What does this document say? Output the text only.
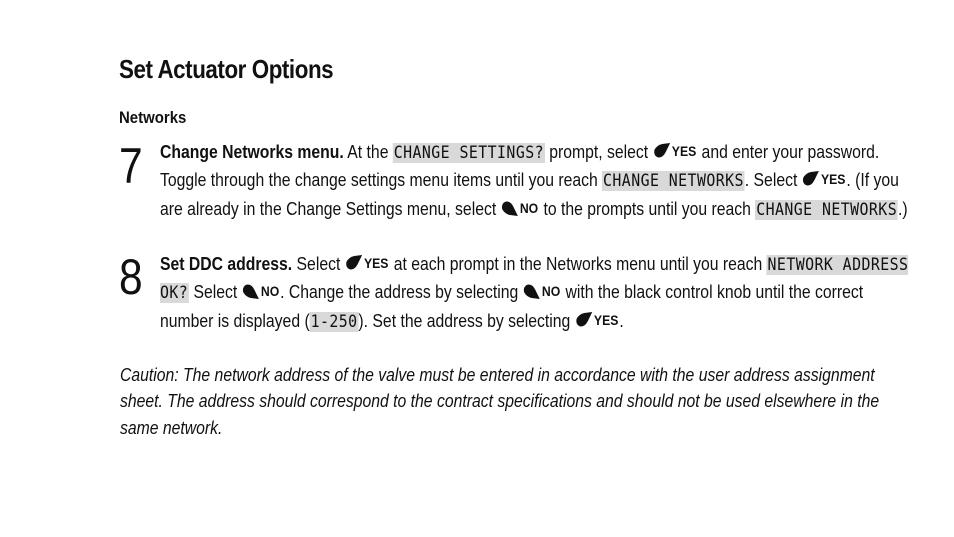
Set Actuator Options
Networks
7 Change Networks menu. At the CHANGE SETTINGS? prompt, select YES and enter your password. Toggle through the change settings menu items until you reach CHANGE NETWORKS. Select YES . (If you are already in the Change Settings menu, select NO to the prompts until you reach CHANGE NETWORKS.)
8 Set DDC address. Select YES at each prompt in the Networks menu until you reach NETWORK ADDRESS OK? Select NO . Change the address by selecting NO with the black control knob until the correct number is displayed (1-250). Set the address by selecting YES .
Caution: The network address of the valve must be entered in accordance with the user address assignment sheet. The address should correspond to the contract specifications and should not be used elsewhere in the same network.
